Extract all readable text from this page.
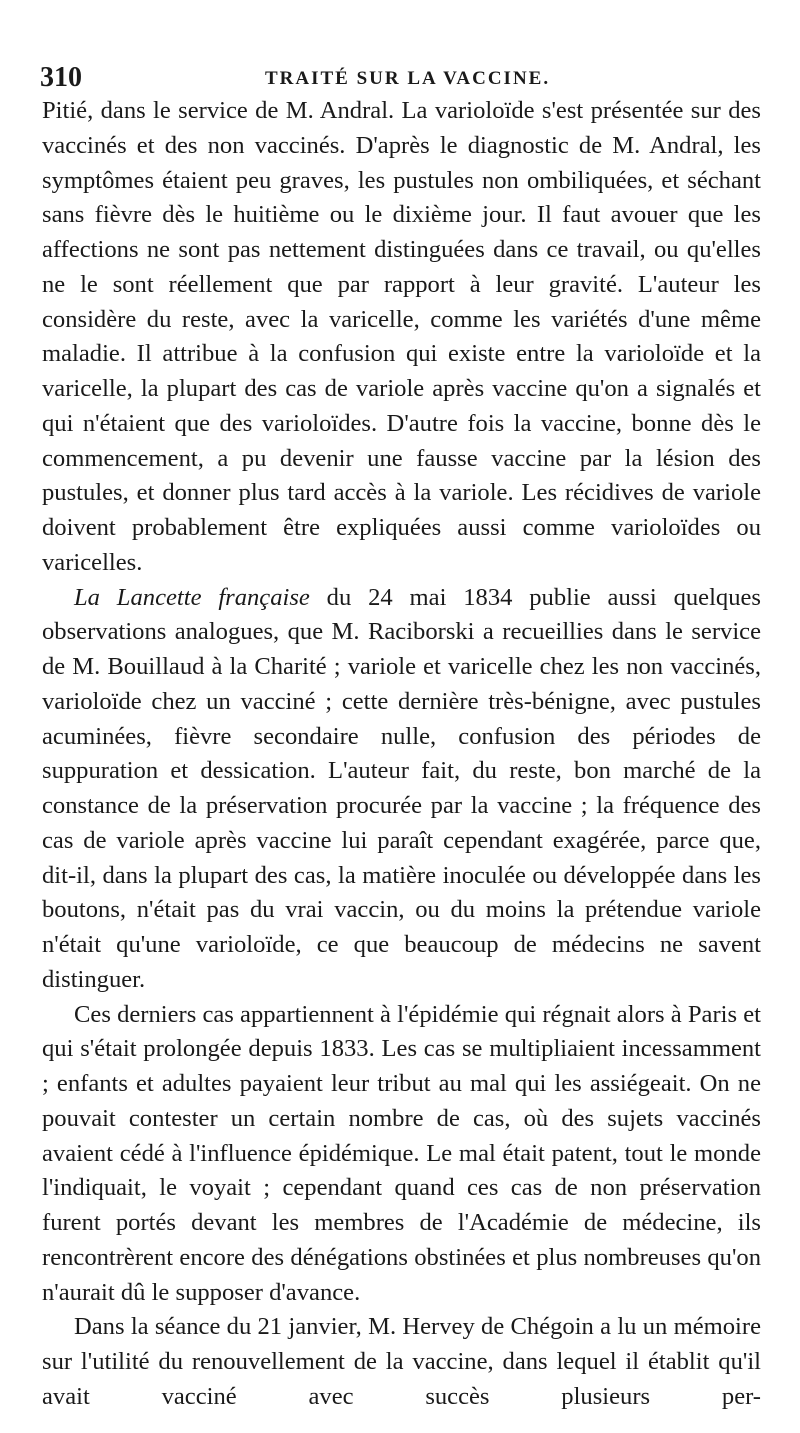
310	TRAITÉ SUR LA VACCINE.

Pitié, dans le service de M. Andral. La varioloïde s'est présentée sur des vaccinés et des non vaccinés. D'après le diagnostic de M. Andral, les symptômes étaient peu graves, les pustules non ombiliquées, et séchant sans fièvre dès le huitième ou le dixième jour. Il faut avouer que les affections ne sont pas nettement distinguées dans ce travail, ou qu'elles ne le sont réellement que par rapport à leur gravité. L'auteur les considère du reste, avec la varicelle, comme les variétés d'une même maladie. Il attribue à la confusion qui existe entre la varioloïde et la varicelle, la plupart des cas de variole après vaccine qu'on a signalés et qui n'étaient que des varioloïdes. D'autre fois la vaccine, bonne dès le commencement, a pu devenir une fausse vaccine par la lésion des pustules, et donner plus tard accès à la variole. Les récidives de variole doivent probablement être expliquées aussi comme varioloïdes ou varicelles.

La Lancette française du 24 mai 1834 publie aussi quelques observations analogues, que M. Raciborski a recueillies dans le service de M. Bouillaud à la Charité ; variole et varicelle chez les non vaccinés, varioloïde chez un vacciné ; cette dernière très-bénigne, avec pustules acuminées, fièvre secondaire nulle, confusion des périodes de suppuration et dessication. L'auteur fait, du reste, bon marché de la constance de la préservation procurée par la vaccine ; la fréquence des cas de variole après vaccine lui paraît cependant exagérée, parce que, dit-il, dans la plupart des cas, la matière inoculée ou développée dans les boutons, n'était pas du vrai vaccin, ou du moins la prétendue variole n'était qu'une varioloïde, ce que beaucoup de médecins ne savent distinguer.

Ces derniers cas appartiennent à l'épidémie qui régnait alors à Paris et qui s'était prolongée depuis 1833. Les cas se multipliaient incessamment ; enfants et adultes payaient leur tribut au mal qui les assiégeait. On ne pouvait contester un certain nombre de cas, où des sujets vaccinés avaient cédé à l'influence épidémique. Le mal était patent, tout le monde l'indiquait, le voyait ; cependant quand ces cas de non préservation furent portés devant les membres de l'Académie de médecine, ils rencontrèrent encore des dénégations obstinées et plus nombreuses qu'on n'aurait dû le supposer d'avance.

Dans la séance du 21 janvier, M. Hervey de Chégoin a lu un mémoire sur l'utilité du renouvellement de la vaccine, dans lequel il établit qu'il avait vacciné avec succès plusieurs per-
